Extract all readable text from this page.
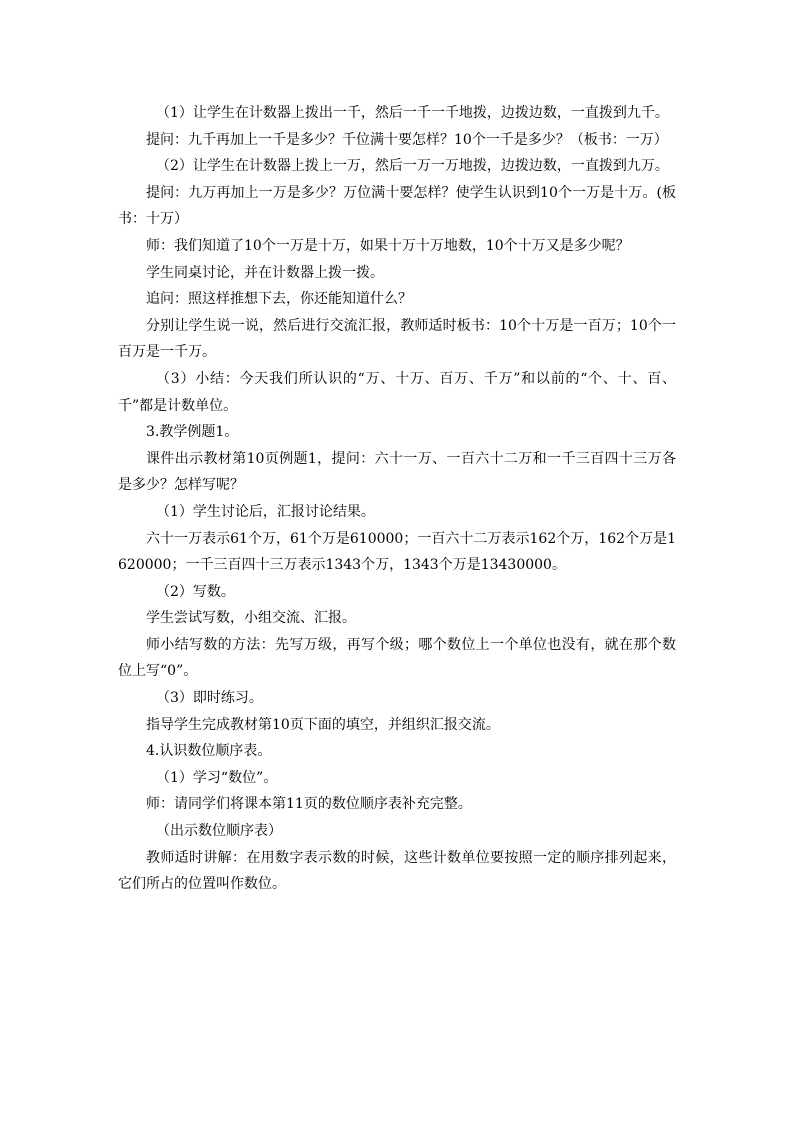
（1）让学生在计数器上拨出一千，然后一千一千地拨，边拨边数，一直拨到九千。

提问：九千再加上一千是多少？千位满十要怎样？10个一千是多少？（板书：一万）

（2）让学生在计数器上拨上一万，然后一万一万地拨，边拨边数，一直拨到九万。

提问：九万再加上一万是多少？万位满十要怎样？使学生认识到10个一万是十万。(板书：十万）

师：我们知道了10个一万是十万，如果十万十万地数，10个十万又是多少呢？

学生同桌讨论，并在计数器上拨一拨。

追问：照这样推想下去，你还能知道什么？

分别让学生说一说，然后进行交流汇报，教师适时板书：10个十万是一百万；10个一百万是一千万。

（3）小结：今天我们所认识的“万、十万、百万、千万”和以前的“个、十、百、千”都是计数单位。

3.教学例题1。

课件出示教材第10页例题1，提问：六十一万、一百六十二万和一千三百四十三万各是多少？怎样写呢？

（1）学生讨论后，汇报讨论结果。

六十一万表示61个万，61个万是610000；一百六十二万表示162个万，162个万是1620000；一千三百四十三万表示1343个万，1343个万是13430000。

（2）写数。

学生尝试写数，小组交流、汇报。

师小结写数的方法：先写万级，再写个级；哪个数位上一个单位也没有，就在那个数位上写“0”。

（3）即时练习。

指导学生完成教材第10页下面的填空，并组织汇报交流。

4.认识数位顺序表。

（1）学习“数位”。

师：请同学们将课本第11页的数位顺序表补充完整。

（出示数位顺序表）

教师适时讲解：在用数字表示数的时候，这些计数单位要按照一定的顺序排列起来，它们所占的位置叫作数位。
